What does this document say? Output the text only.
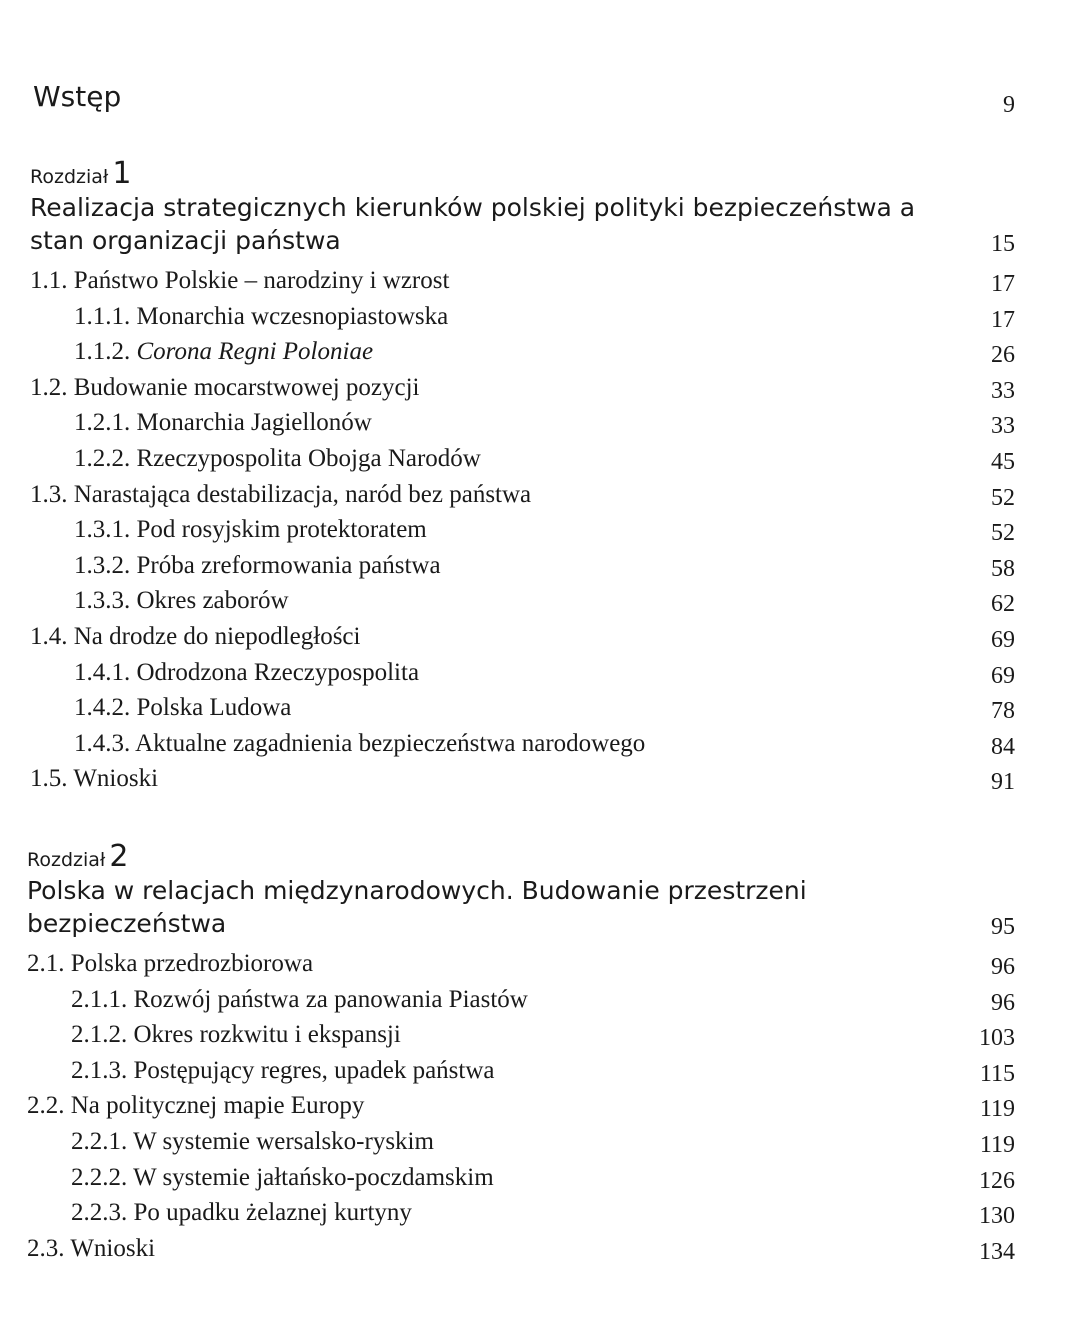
Wstęp	9
Rozdział 1
Realizacja strategicznych kierunków polskiej polityki bezpieczeństwa a stan organizacji państwa	15
1.1. Państwo Polskie – narodziny i wzrost	17
1.1.1. Monarchia wczesnopiastowska	17
1.1.2. Corona Regni Poloniae	26
1.2. Budowanie mocarstwowej pozycji	33
1.2.1. Monarchia Jagiellonów	33
1.2.2. Rzeczypospolita Obojga Narodów	45
1.3. Narastająca destabilizacja, naród bez państwa	52
1.3.1. Pod rosyjskim protektoratem	52
1.3.2. Próba zreformowania państwa	58
1.3.3. Okres zaborów	62
1.4. Na drodze do niepodległości	69
1.4.1. Odrodzona Rzeczypospolita	69
1.4.2. Polska Ludowa	78
1.4.3. Aktualne zagadnienia bezpieczeństwa narodowego	84
1.5. Wnioski	91
Rozdział 2
Polska w relacjach międzynarodowych. Budowanie przestrzeni bezpieczeństwa	95
2.1. Polska przedrozbiorowa	96
2.1.1. Rozwój państwa za panowania Piastów	96
2.1.2. Okres rozkwitu i ekspansji	103
2.1.3. Postępujący regres, upadek państwa	115
2.2. Na politycznej mapie Europy	119
2.2.1. W systemie wersalsko-ryskim	119
2.2.2. W systemie jałtańsko-poczdamskim	126
2.2.3. Po upadku żelaznej kurtyny	130
2.3. Wnioski	134
